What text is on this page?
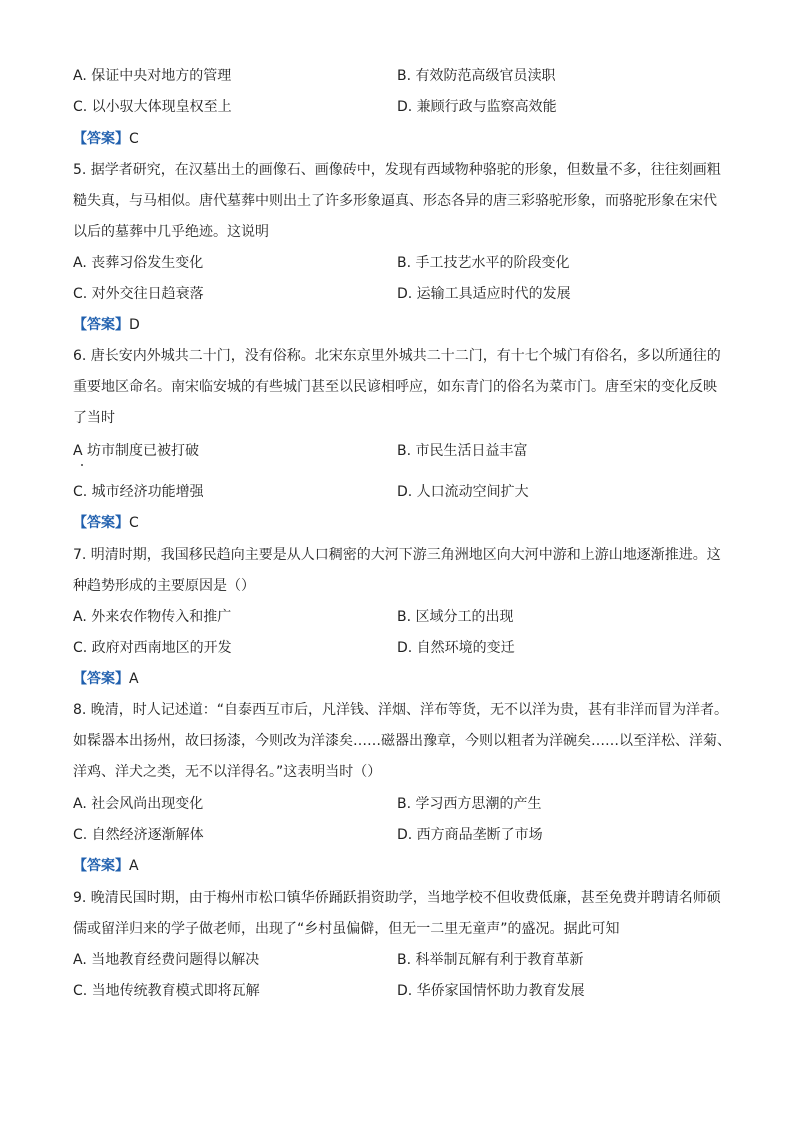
A. 保证中央对地方的管理	B. 有效防范高级官员渎职
C. 以小驭大体现皇权至上	D. 兼顾行政与监察高效能
【答案】C
5. 据学者研究，在汉墓出土的画像石、画像砖中，发现有西域物种骆驼的形象，但数量不多，往往刻画粗
糙失真，与马相似。唐代墓葬中则出土了许多形象逼真、形态各异的唐三彩骆驼形象，而骆驼形象在宋代
以后的墓葬中几乎绝迹。这说明
A. 丧葬习俗发生变化	B. 手工技艺水平的阶段变化
C. 对外交往日趋衰落	D. 运输工具适应时代的发展
【答案】D
6. 唐长安内外城共二十门，没有俗称。北宋东京里外城共二十二门，有十七个城门有俗名，多以所通往的
重要地区命名。南宋临安城的有些城门甚至以民谚相呼应，如东青门的俗名为菜市门。唐至宋的变化反映
了当时
A 坊市制度已被打破	B. 市民生活日益丰富
C. 城市经济功能增强	D. 人口流动空间扩大
【答案】C
7. 明清时期，我国移民趋向主要是从人口稠密的大河下游三角洲地区向大河中游和上游山地逐渐推进。这
种趋势形成的主要原因是（）
A. 外来农作物传入和推广	B. 区域分工的出现
C. 政府对西南地区的开发	D. 自然环境的变迁
【答案】A
8. 晚清，时人记述道：“自泰西互市后，凡洋钱、洋烟、洋布等货，无不以洋为贵，甚有非洋而冒为洋者。
如髹器本出扬州，故曰扬漆，今则改为洋漆矣……磁器出豫章，今则以粗者为洋碗矣……以至洋松、洋菊、
洋鸡、洋犬之类，无不以洋得名。”这表明当时（）
A. 社会风尚出现变化	B. 学习西方思潮的产生
C. 自然经济逐渐解体	D. 西方商品垄断了市场
【答案】A
9. 晚清民国时期，由于梅州市松口镇华侨踊跃捐资助学，当地学校不但收费低廉，甚至免费并聘请名师硕
儒或留洋归来的学子做老师，出现了“乡村虽偏僻，但无一二里无童声”的盛况。据此可知
A. 当地教育经费问题得以解决	B. 科举制瓦解有利于教育革新
C. 当地传统教育模式即将瓦解	D. 华侨家国情怀助力教育发展
